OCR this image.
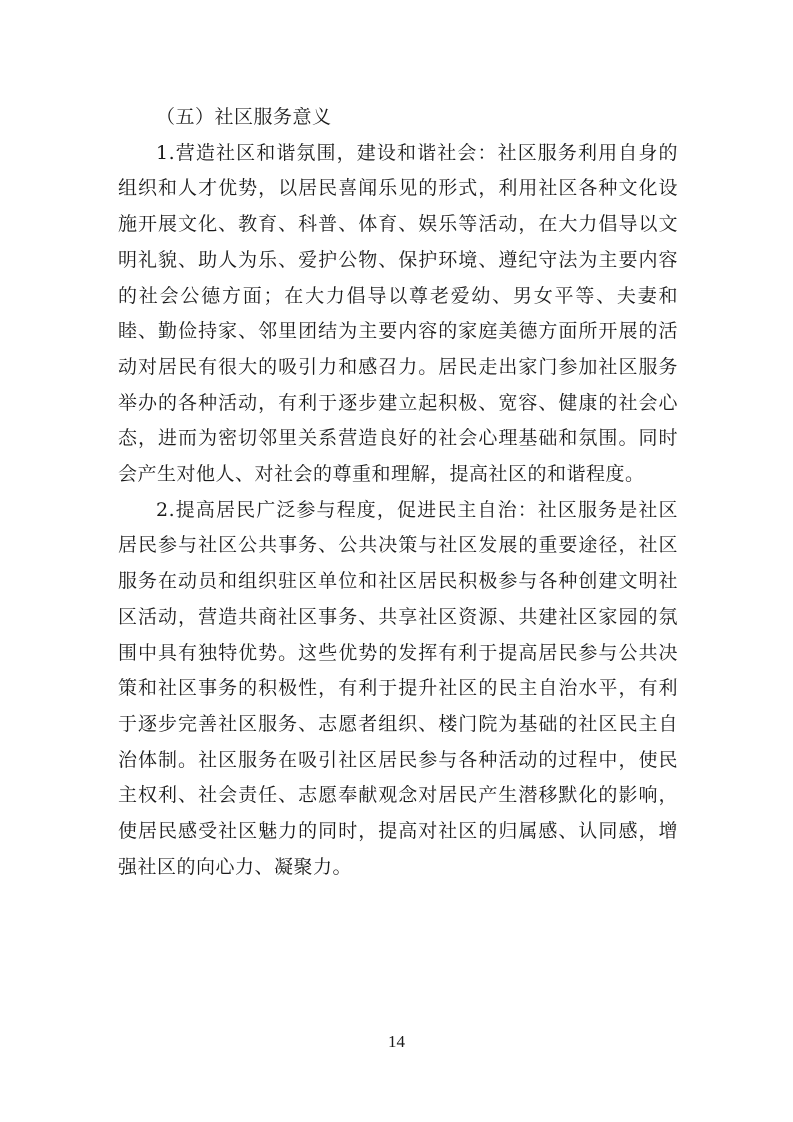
（五）社区服务意义

1.营造社区和谐氛围，建设和谐社会：社区服务利用自身的组织和人才优势，以居民喜闻乐见的形式，利用社区各种文化设施开展文化、教育、科普、体育、娱乐等活动，在大力倡导以文明礼貌、助人为乐、爱护公物、保护环境、遵纪守法为主要内容的社会公德方面；在大力倡导以尊老爱幼、男女平等、夫妻和睦、勤俭持家、邻里团结为主要内容的家庭美德方面所开展的活动对居民有很大的吸引力和感召力。居民走出家门参加社区服务举办的各种活动，有利于逐步建立起积极、宽容、健康的社会心态，进而为密切邻里关系营造良好的社会心理基础和氛围。同时会产生对他人、对社会的尊重和理解，提高社区的和谐程度。

2.提高居民广泛参与程度，促进民主自治：社区服务是社区居民参与社区公共事务、公共决策与社区发展的重要途径，社区服务在动员和组织驻区单位和社区居民积极参与各种创建文明社区活动，营造共商社区事务、共享社区资源、共建社区家园的氛围中具有独特优势。这些优势的发挥有利于提高居民参与公共决策和社区事务的积极性，有利于提升社区的民主自治水平，有利于逐步完善社区服务、志愿者组织、楼门院为基础的社区民主自治体制。社区服务在吸引社区居民参与各种活动的过程中，使民主权利、社会责任、志愿奉献观念对居民产生潜移默化的影响，使居民感受社区魅力的同时，提高对社区的归属感、认同感，增强社区的向心力、凝聚力。

14
